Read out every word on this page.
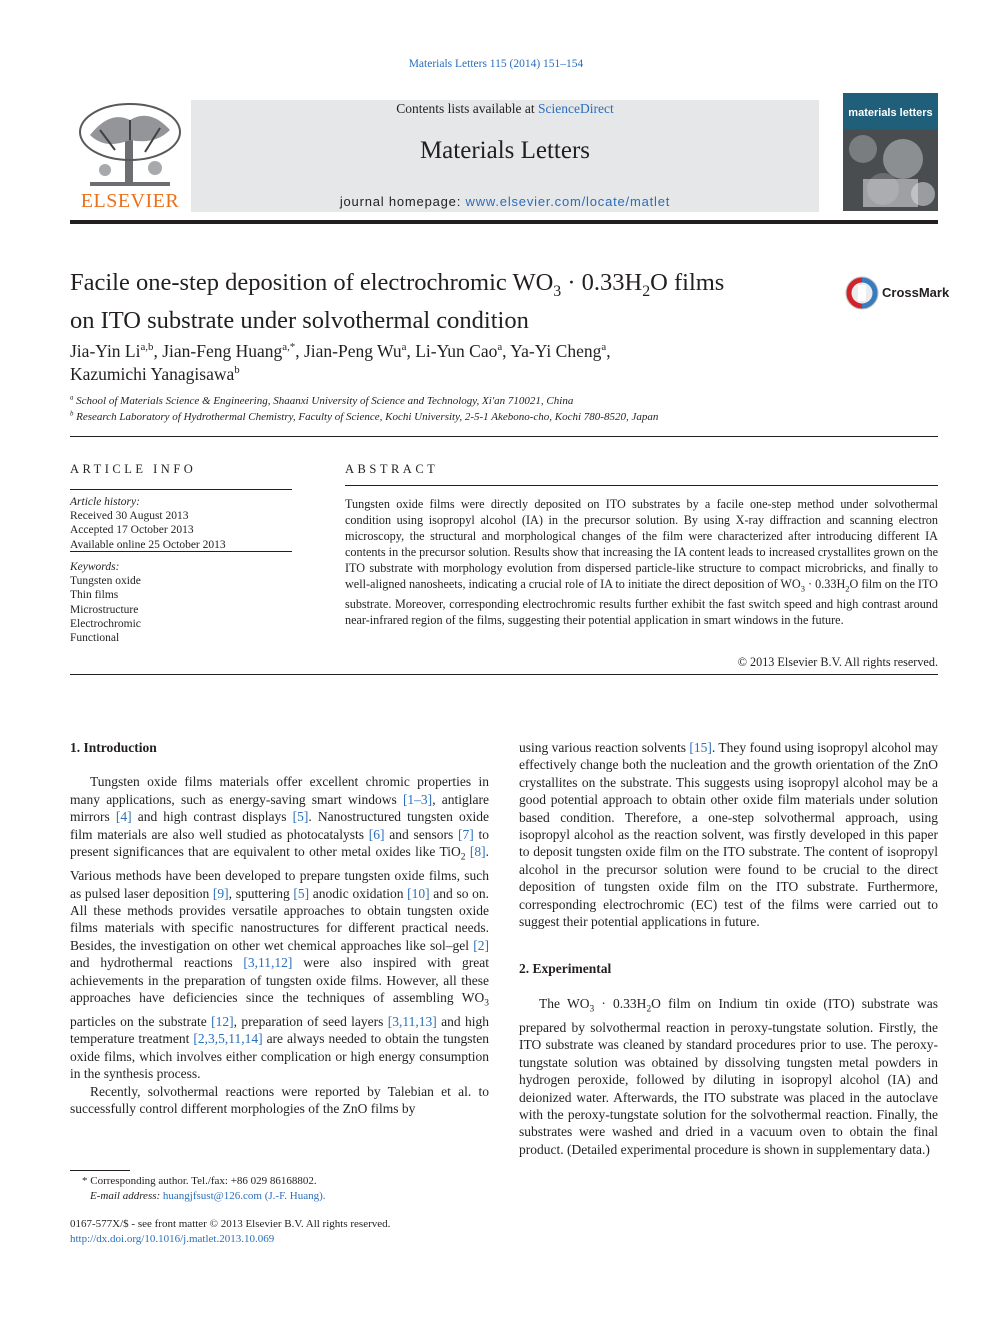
Materials Letters 115 (2014) 151–154
ELSEVIER
Contents lists available at ScienceDirect
Materials Letters
journal homepage: www.elsevier.com/locate/matlet
materials letters
Facile one-step deposition of electrochromic $WO_3 \cdot 0.33H_2O$ films
on ITO substrate under solvothermal condition
CrossMark
Jia-Yin Li$^{a,b}$, Jian-Feng Huang$^{a,*}$, Jian-Peng Wu$^a$, Li-Yun Cao$^a$, Ya-Yi Cheng$^a$,
Kazumichi Yanagisawa$^b$
$^a$ School of Materials Science & Engineering, Shaanxi University of Science and Technology, Xi'an 710021, China
$^b$ Research Laboratory of Hydrothermal Chemistry, Faculty of Science, Kochi University, 2-5-1 Akebono-cho, Kochi 780-8520, Japan
ARTICLE INFO
Article history:
Received 30 August 2013
Accepted 17 October 2013
Available online 25 October 2013
Keywords:
Tungsten oxide
Thin films
Microstructure
Electrochromic
Functional
ABSTRACT
Tungsten oxide films were directly deposited on ITO substrates by a facile one-step method under solvothermal condition using isopropyl alcohol (IA) in the precursor solution. By using X-ray diffraction and scanning electron microscopy, the structural and morphological changes of the film were characterized after introducing different IA contents in the precursor solution. Results show that increasing the IA content leads to increased crystallites grown on the ITO substrate with morphology evolution from dispersed particle-like structure to compact microbricks, and finally to well-aligned nanosheets, indicating a crucial role of IA to initiate the direct deposition of $WO_3 \cdot 0.33H_2O$ film on the ITO substrate. Moreover, corresponding electrochromic results further exhibit the fast switch speed and high contrast around near-infrared region of the films, suggesting their potential application in smart windows in the future.
© 2013 Elsevier B.V. All rights reserved.
1. Introduction

Tungsten oxide films materials offer excellent chromic properties in many applications, such as energy-saving smart windows [1–3], antiglare mirrors [4] and high contrast displays [5]. Nanostructured tungsten oxide film materials are also well studied as photocatalysts [6] and sensors [7] to present significances that are equivalent to other metal oxides like TiO$_2$ [8]. Various methods have been developed to prepare tungsten oxide films, such as pulsed laser deposition [9], sputtering [5] anodic oxidation [10] and so on. All these methods provides versatile approaches to obtain tungsten oxide films materials with specific nanostructures for different practical needs. Besides, the investigation on other wet chemical approaches like sol–gel [2] and hydrothermal reactions [3,11,12] were also inspired with great achievements in the preparation of tungsten oxide films. However, all these approaches have deficiencies since the techniques of assembling $WO_3$ particles on the substrate [12], preparation of seed layers [3,11,13] and high temperature treatment [2,3,5,11,14] are always needed to obtain the tungsten oxide films, which involves either complication or high energy consumption in the synthesis process.

Recently, solvothermal reactions were reported by Talebian et al. to successfully control different morphologies of the ZnO films by

* Corresponding author. Tel./fax: +86 029 86168802.
E-mail address: huangjfsust@126.com (J.-F. Huang).
0167-577X/$ - see front matter © 2013 Elsevier B.V. All rights reserved.
http://dx.doi.org/10.1016/j.matlet.2013.10.069

using various reaction solvents [15]. They found using isopropyl alcohol may effectively change both the nucleation and the growth orientation of the ZnO crystallites on the substrate. This suggests using isopropyl alcohol may be a good potential approach to obtain other oxide film materials under solution based condition. Therefore, a one-step solvothermal approach, using isopropyl alcohol as the reaction solvent, was firstly developed in this paper to deposit tungsten oxide film on the ITO substrate. The content of isopropyl alcohol in the precursor solution were found to be crucial to the direct deposition of tungsten oxide film on the ITO substrate. Furthermore, corresponding electrochromic (EC) test of the films were carried out to suggest their potential applications in future.

2. Experimental

The $WO_3 \cdot 0.33H_2O$ film on Indium tin oxide (ITO) substrate was prepared by solvothermal reaction in peroxy-tungstate solution. Firstly, the ITO substrate was cleaned by standard procedures prior to use. The peroxy-tungstate solution was obtained by dissolving tungsten metal powders in hydrogen peroxide, followed by diluting in isopropyl alcohol (IA) and deionized water. Afterwards, the ITO substrate was placed in the autoclave with the peroxy-tungstate solution for the solvothermal reaction. Finally, the substrates were washed and dried in a vacuum oven to obtain the final product. (Detailed experimental procedure is shown in supplementary data.)
